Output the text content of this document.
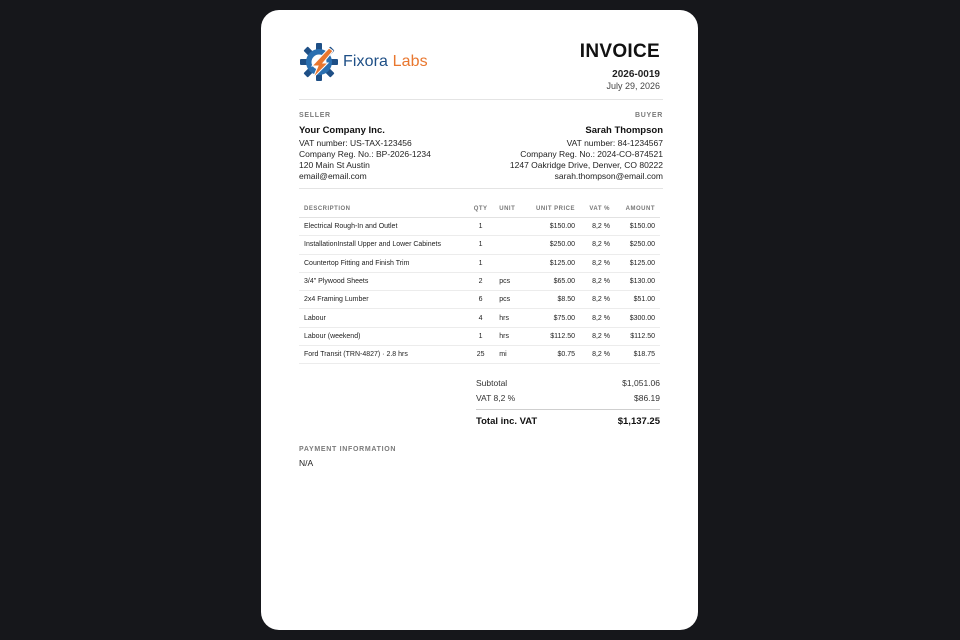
Fixora Labs	INVOICE
2026-0019
July 29, 2026
SELLER
Your Company Inc.
VAT number: US-TAX-123456
Company Reg. No.: BP-2026-1234
120 Main St Austin
email@email.com
BUYER
Sarah Thompson
VAT number: 84-1234567
Company Reg. No.: 2024-CO-874521
1247 Oakridge Drive, Denver, CO 80222
sarah.thompson@email.com
DESCRIPTION	QTY	UNIT	UNIT PRICE	VAT %	AMOUNT
Electrical Rough-In and Outlet	1		$150.00	8,2 %	$150.00
InstallationInstall Upper and Lower Cabinets	1		$250.00	8,2 %	$250.00
Countertop Fitting and Finish Trim	1		$125.00	8,2 %	$125.00
3/4" Plywood Sheets	2	pcs	$65.00	8,2 %	$130.00
2x4 Framing Lumber	6	pcs	$8.50	8,2 %	$51.00
Labour	4	hrs	$75.00	8,2 %	$300.00
Labour (weekend)	1	hrs	$112.50	8,2 %	$112.50
Ford Transit (TRN-4827) · 2.8 hrs	25	mi	$0.75	8,2 %	$18.75
Subtotal	$1,051.06
VAT 8,2 %	$86.19
Total inc. VAT	$1,137.25
PAYMENT INFORMATION
N/A
